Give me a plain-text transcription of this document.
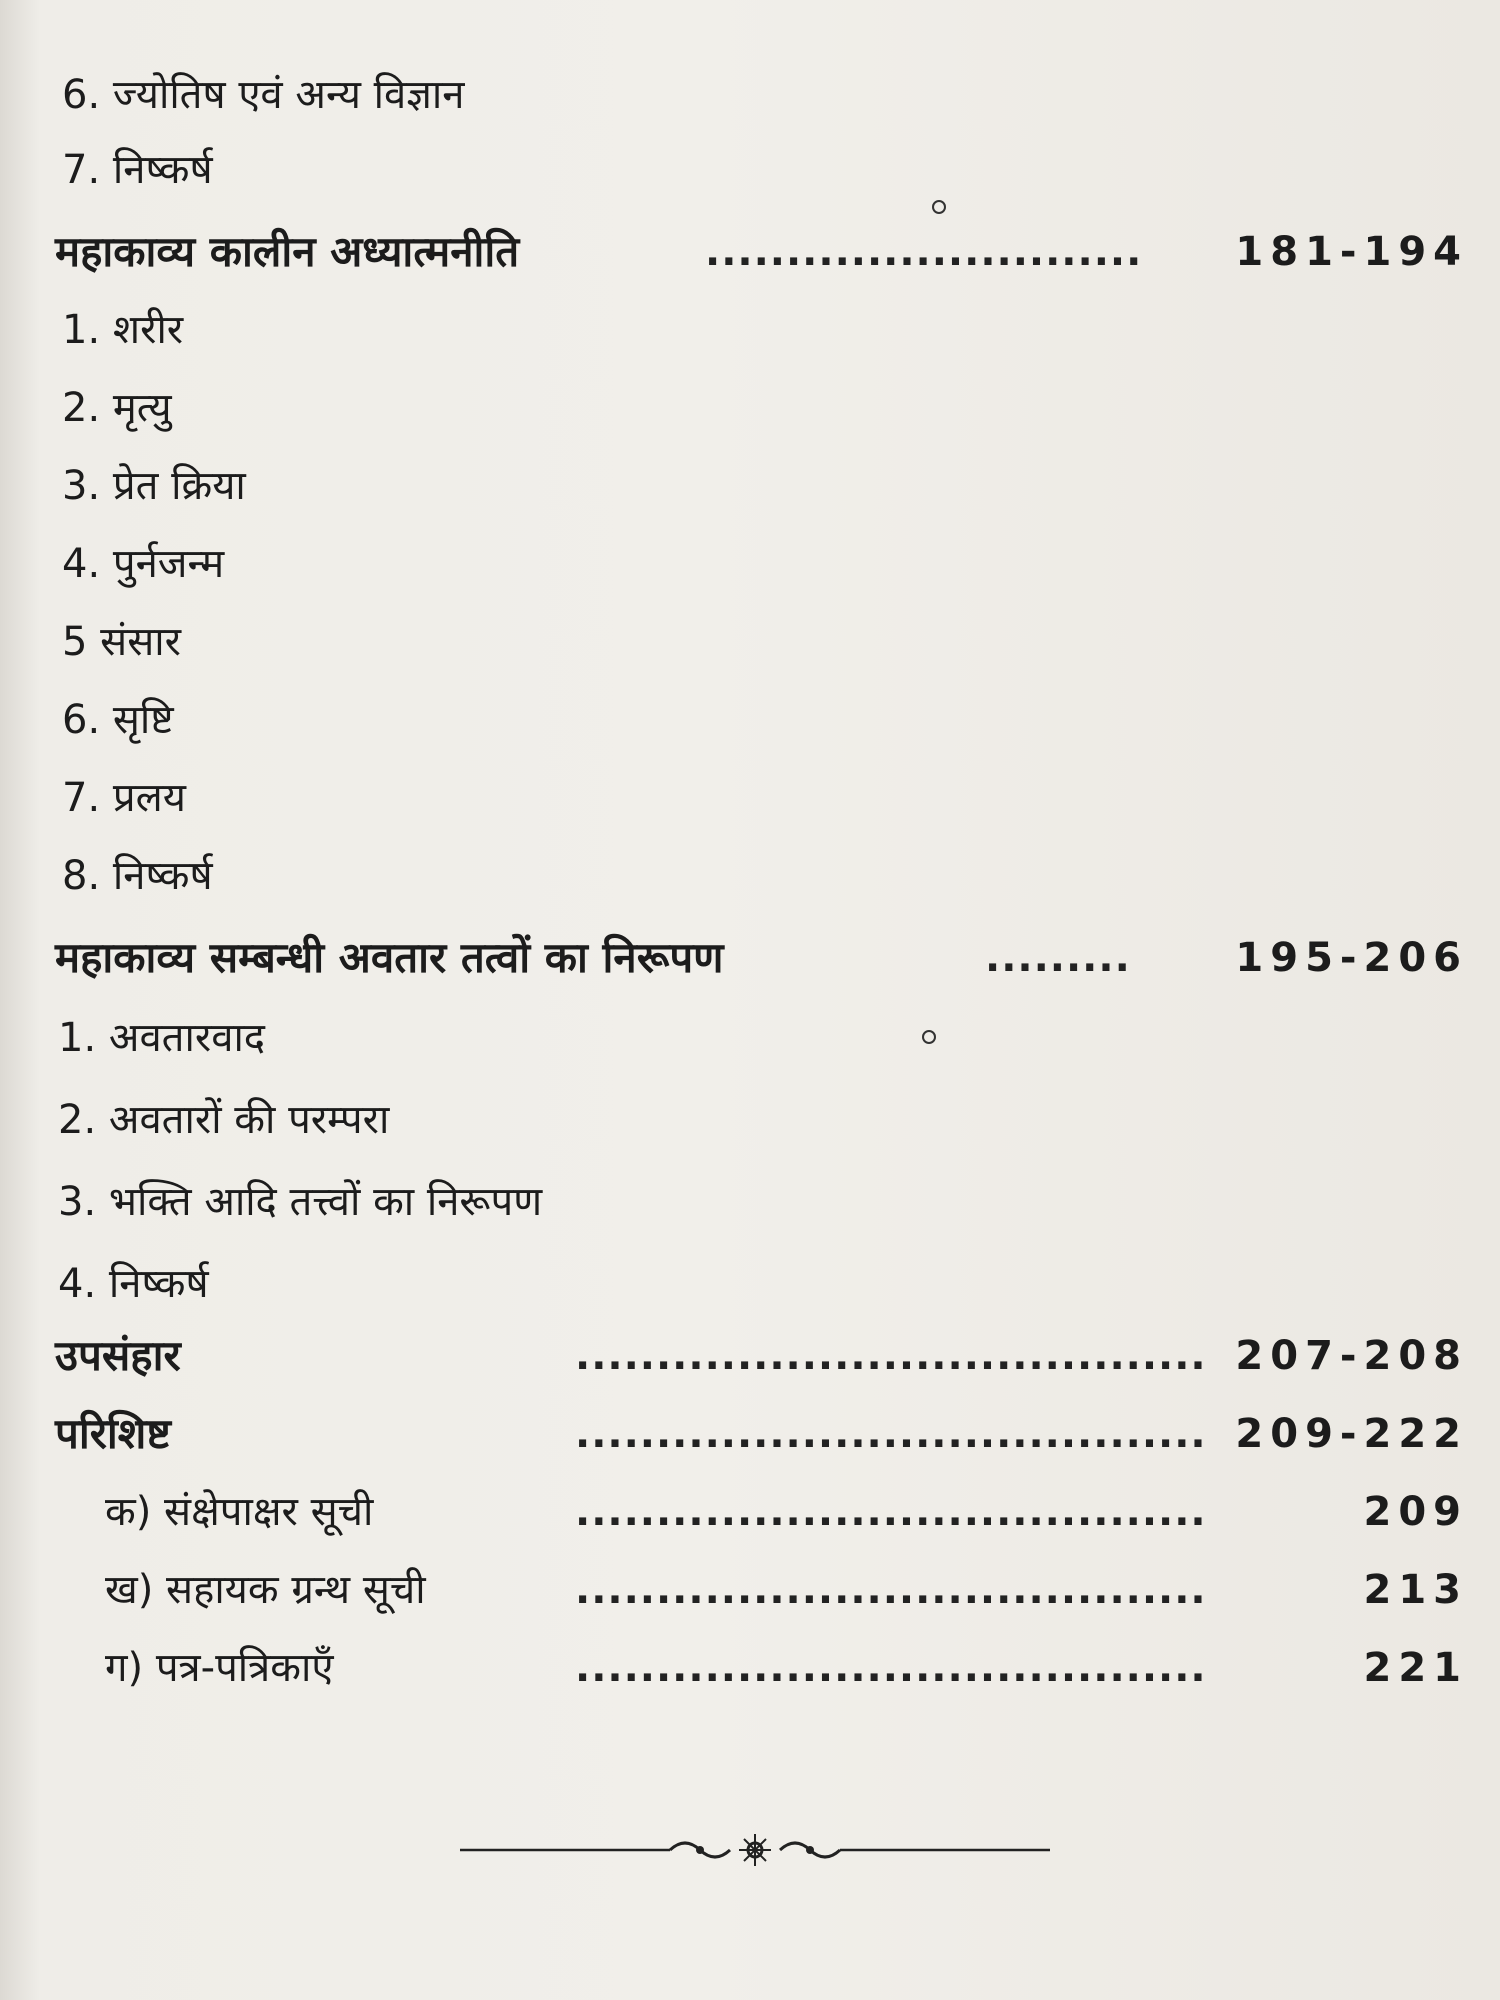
6. ज्योतिष एवं अन्य विज्ञान
7. निष्कर्ष
महाकाव्य कालीन अध्यात्मनीति	........................... 181-194
1. शरीर
2. मृत्यु
3. प्रेत क्रिया
4. पुर्नजन्म
5 संसार
6. सृष्टि
7. प्रलय
8. निष्कर्ष
महाकाव्य सम्बन्धी अवतार तत्वों का निरूपण	.........	195-206
1. अवतारवाद
2. अवतारों की परम्परा
3. भक्ति आदि तत्त्वों का निरूपण
4. निष्कर्ष
उपसंहार	....................................... 207-208
परिशिष्ट	....................................... 209-222
क) संक्षेपाक्षर सूची	.......................................	209
ख) सहायक ग्रन्थ सूची	.......................................	213
ग) पत्र-पत्रिकाएँ	.......................................	221
